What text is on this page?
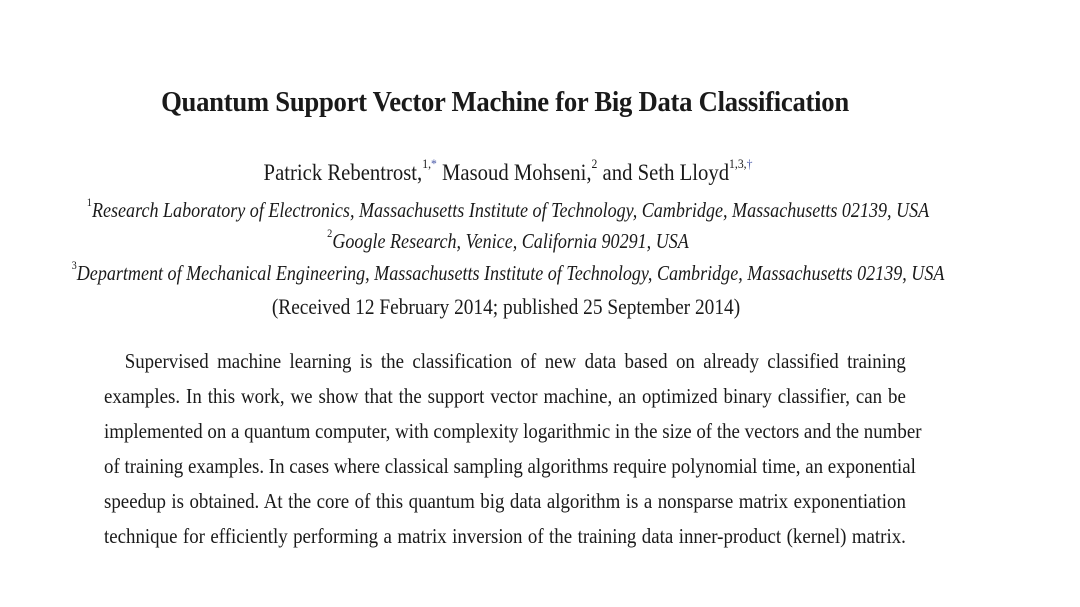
Quantum Support Vector Machine for Big Data Classification
Patrick Rebentrost,$^{1,*}$ Masoud Mohseni,$^2$ and Seth Lloyd$^{1,3,\dagger}$
$^1$Research Laboratory of Electronics, Massachusetts Institute of Technology, Cambridge, Massachusetts 02139, USA
$^2$Google Research, Venice, California 90291, USA
$^3$Department of Mechanical Engineering, Massachusetts Institute of Technology, Cambridge, Massachusetts 02139, USA
(Received 12 February 2014; published 25 September 2014)
Supervised machine learning is the classification of new data based on already classified training
examples. In this work, we show that the support vector machine, an optimized binary classifier, can be
implemented on a quantum computer, with complexity logarithmic in the size of the vectors and the number
of training examples. In cases where classical sampling algorithms require polynomial time, an exponential
speedup is obtained. At the core of this quantum big data algorithm is a nonsparse matrix exponentiation
technique for efficiently performing a matrix inversion of the training data inner-product (kernel) matrix.
